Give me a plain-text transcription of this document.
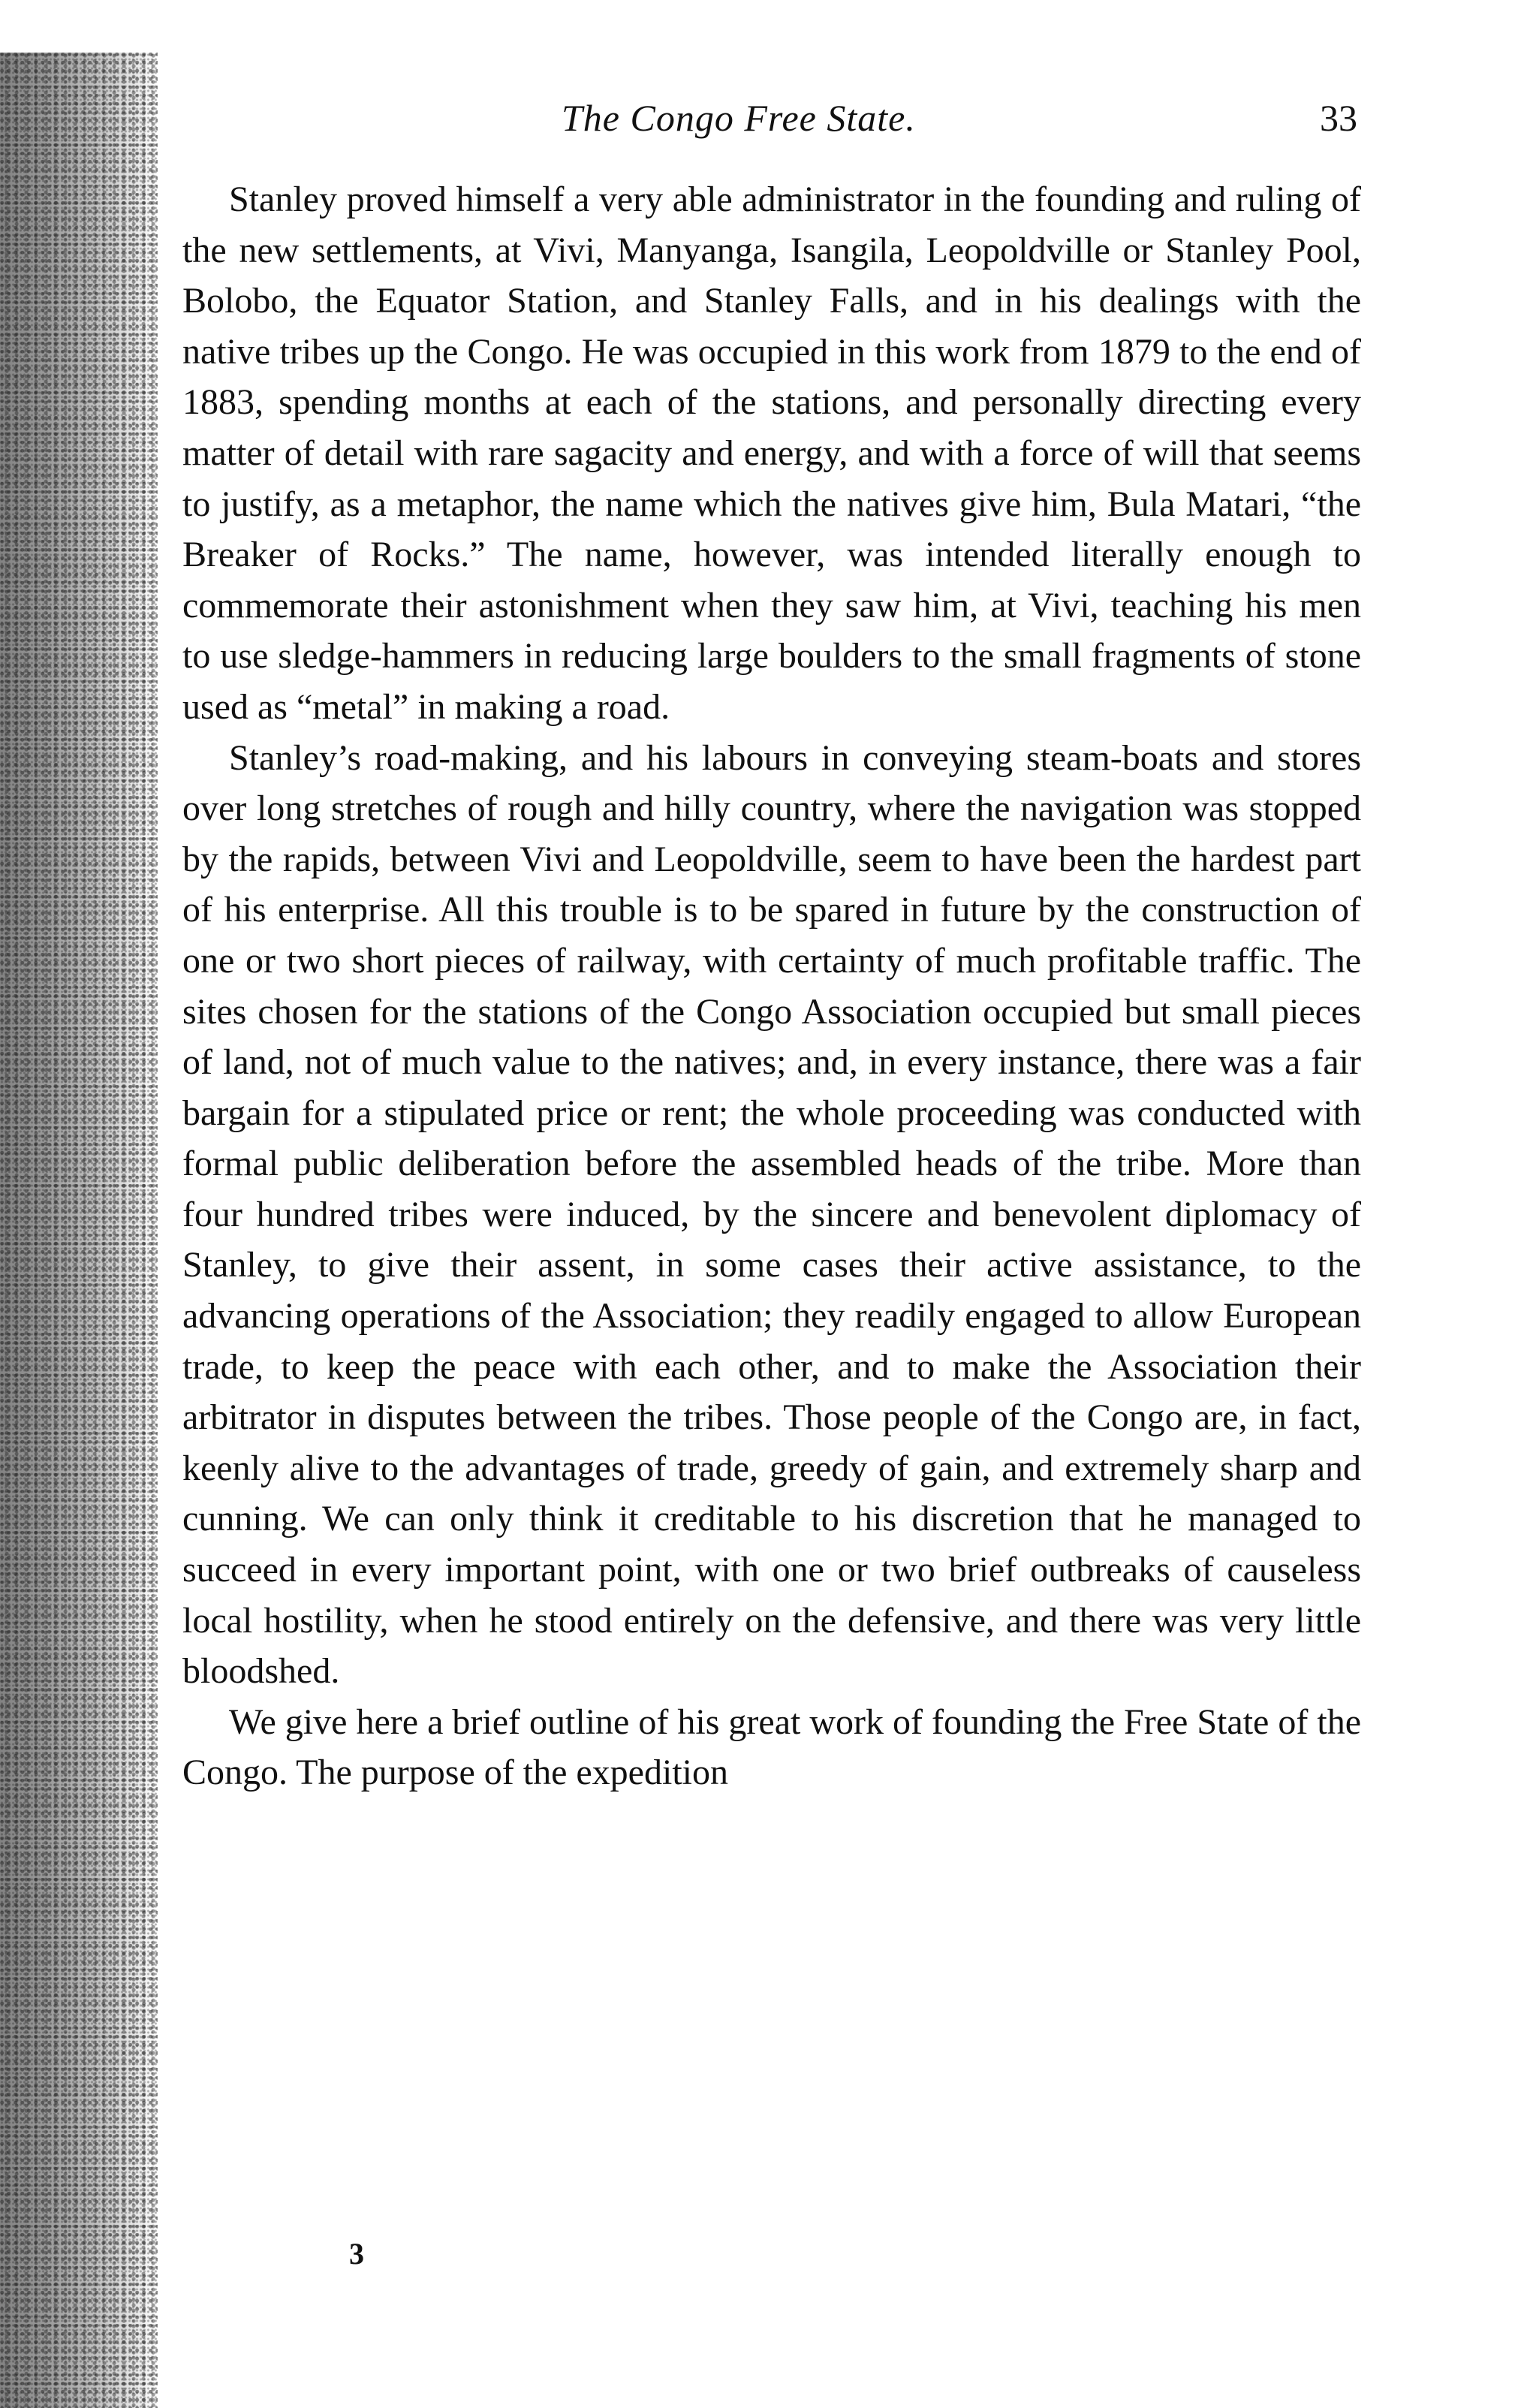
The Congo Free State.	33

Stanley proved himself a very able administrator in the founding and ruling of the new settlements, at Vivi, Manyanga, Isangila, Leopoldville or Stanley Pool, Bolobo, the Equator Station, and Stanley Falls, and in his dealings with the native tribes up the Congo. He was occupied in this work from 1879 to the end of 1883, spending months at each of the stations, and personally directing every matter of detail with rare sagacity and energy, and with a force of will that seems to justify, as a metaphor, the name which the natives give him, Bula Matari, “the Breaker of Rocks.” The name, however, was intended literally enough to commemorate their astonishment when they saw him, at Vivi, teaching his men to use sledge-hammers in reducing large boulders to the small fragments of stone used as “metal” in making a road.

Stanley’s road-making, and his labours in conveying steam-boats and stores over long stretches of rough and hilly country, where the navigation was stopped by the rapids, between Vivi and Leopoldville, seem to have been the hardest part of his enterprise. All this trouble is to be spared in future by the construction of one or two short pieces of railway, with certainty of much profitable traffic. The sites chosen for the stations of the Congo Association occupied but small pieces of land, not of much value to the natives; and, in every instance, there was a fair bargain for a stipulated price or rent; the whole proceeding was conducted with formal public deliberation before the assembled heads of the tribe. More than four hundred tribes were induced, by the sincere and benevolent diplomacy of Stanley, to give their assent, in some cases their active assistance, to the advancing operations of the Association; they readily engaged to allow European trade, to keep the peace with each other, and to make the Association their arbitrator in disputes between the tribes. Those people of the Congo are, in fact, keenly alive to the advantages of trade, greedy of gain, and extremely sharp and cunning. We can only think it creditable to his discretion that he managed to succeed in every important point, with one or two brief outbreaks of causeless local hostility, when he stood entirely on the defensive, and there was very little bloodshed.

We give here a brief outline of his great work of founding the Free State of the Congo. The purpose of the expedition

3
